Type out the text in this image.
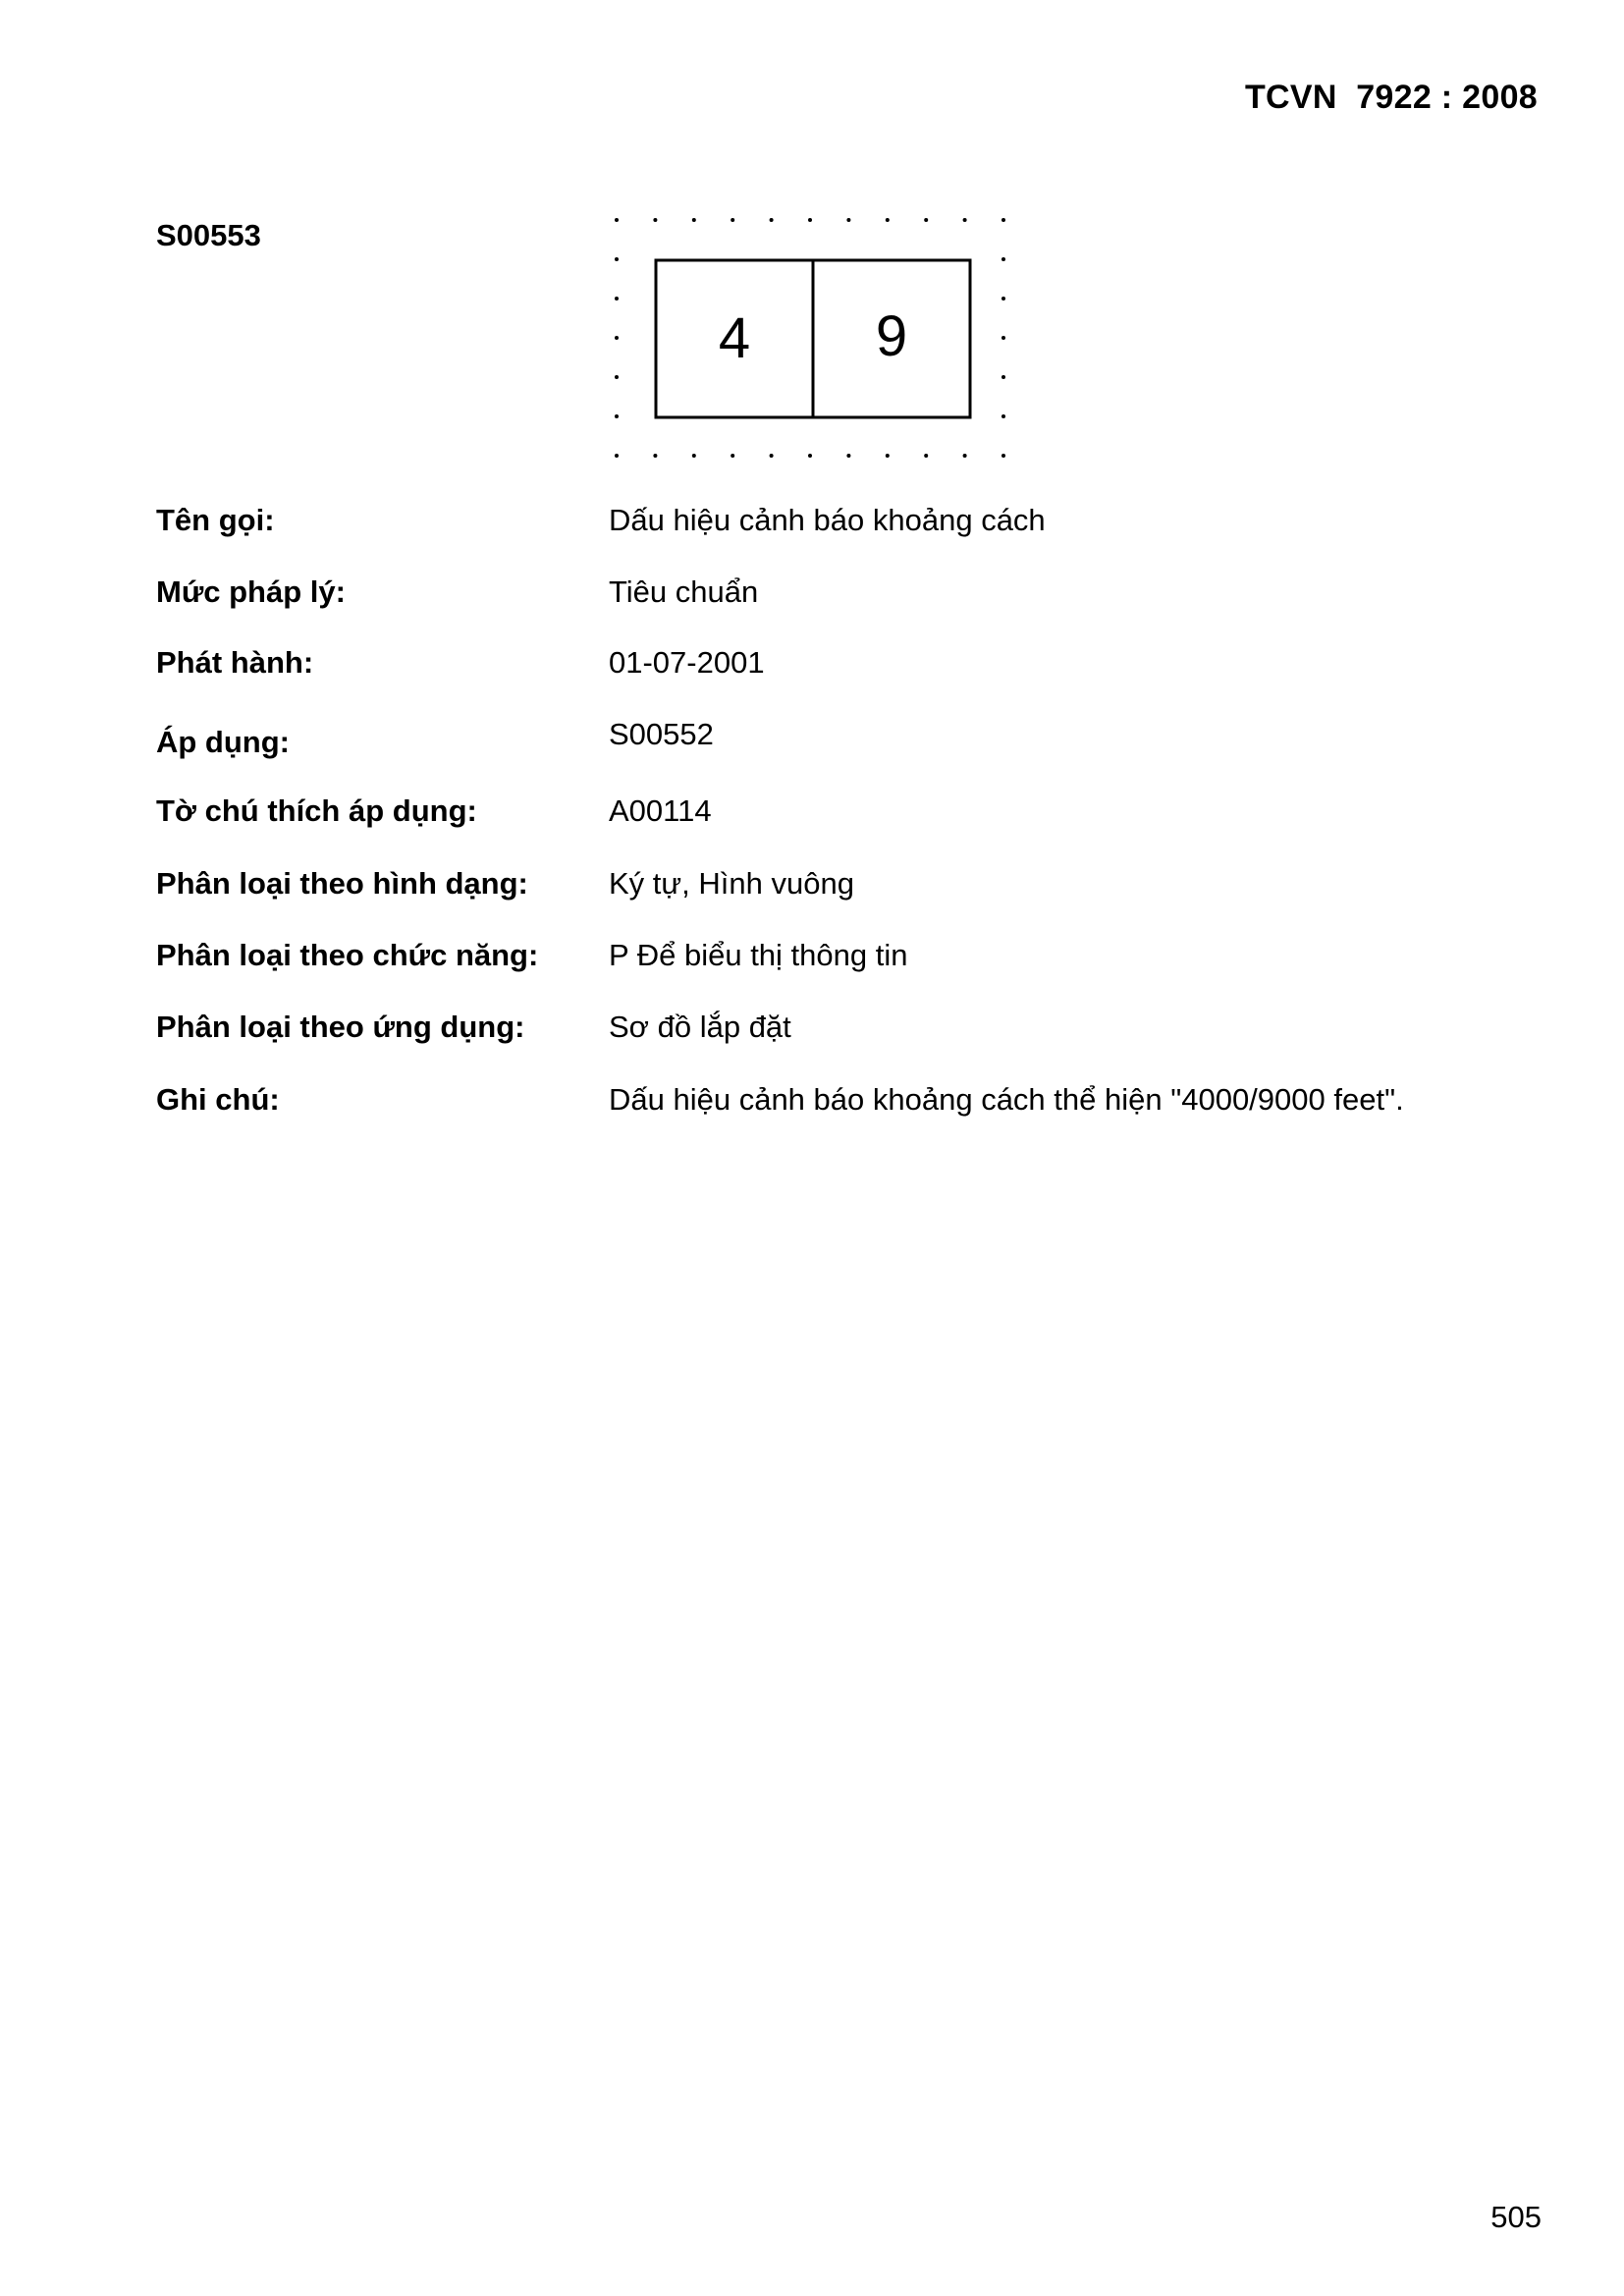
TCVN  7922 : 2008
S00553
4 9
Tên gọi:	Dấu hiệu cảnh báo khoảng cách
Mức pháp lý:	Tiêu chuẩn
Phát hành:	01-07-2001
Áp dụng:	S00552
Tờ chú thích áp dụng:	A00114
Phân loại theo hình dạng:	Ký tự, Hình vuông
Phân loại theo chức năng: P Để biểu thị thông tin
Phân loại theo ứng dụng:	Sơ đồ lắp đặt
Ghi chú:	Dấu hiệu cảnh báo khoảng cách thể hiện "4000/9000 feet".
505
